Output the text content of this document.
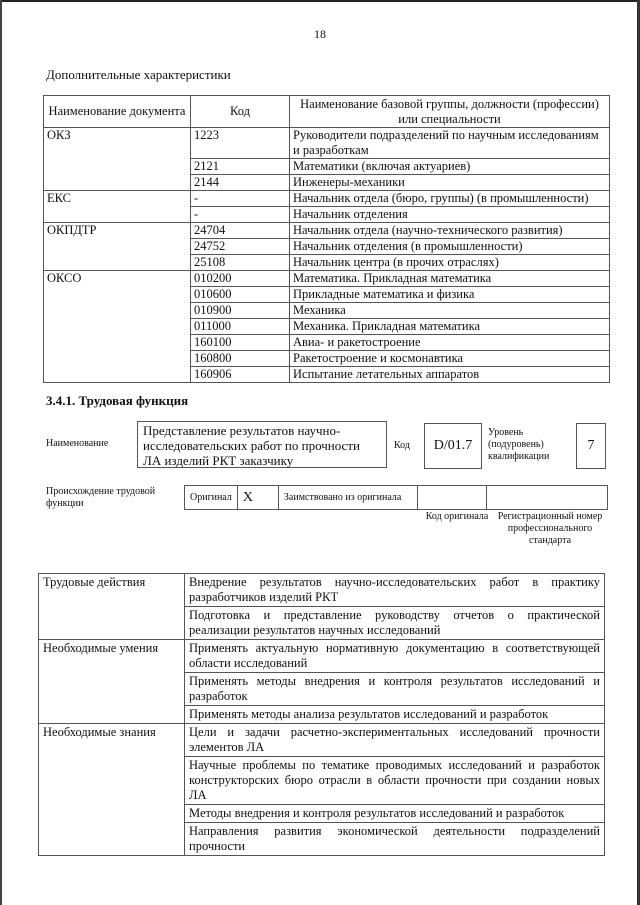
18
Дополнительные характеристики
Наименование документа	Код	Наименование базовой группы, должности (профессии) или специальности
ОКЗ	1223	Руководители подразделений по научным исследованиям и разработкам
	2121	Математики (включая актуариев)
	2144	Инженеры-механики
ЕКС	-	Начальник отдела (бюро, группы) (в промышленности)
	-	Начальник отделения
ОКПДТР	24704	Начальник отдела (научно-технического развития)
	24752	Начальник отделения (в промышленности)
	25108	Начальник центра (в прочих отраслях)
ОКСО	010200	Математика. Прикладная математика
	010600	Прикладные математика и физика
	010900	Механика
	011000	Механика. Прикладная математика
	160100	Авиа- и ракетостроение
	160800	Ракетостроение и космонавтика
	160906	Испытание летательных аппаратов
3.4.1. Трудовая функция
Наименование
Представление результатов научно-исследовательских работ по прочности ЛА изделий РКТ заказчику
Код	D/01.7
Уровень (подуровень) квалификации
7
Происхождение трудовой функции
Оригинал	X	Заимствовано из оригинала		
Код оригинала Регистрационный номер профессионального стандарта
Трудовые действия	Внедрение результатов научно-исследовательских работ в практику разработчиков изделий РКТ
	Подготовка и представление руководству отчетов о практической реализации результатов научных исследований
Необходимые умения	Применять актуальную нормативную документацию в соответствующей области исследований
	Применять методы внедрения и контроля результатов исследований и разработок
	Применять методы анализа результатов исследований и разработок
Необходимые знания	Цели и задачи расчетно-экспериментальных исследований прочности элементов ЛА
	Научные проблемы по тематике проводимых исследований и разработок конструкторских бюро отрасли в области прочности при создании новых ЛА
	Методы внедрения и контроля результатов исследований и разработок
	Направления развития экономической деятельности подразделений прочности
